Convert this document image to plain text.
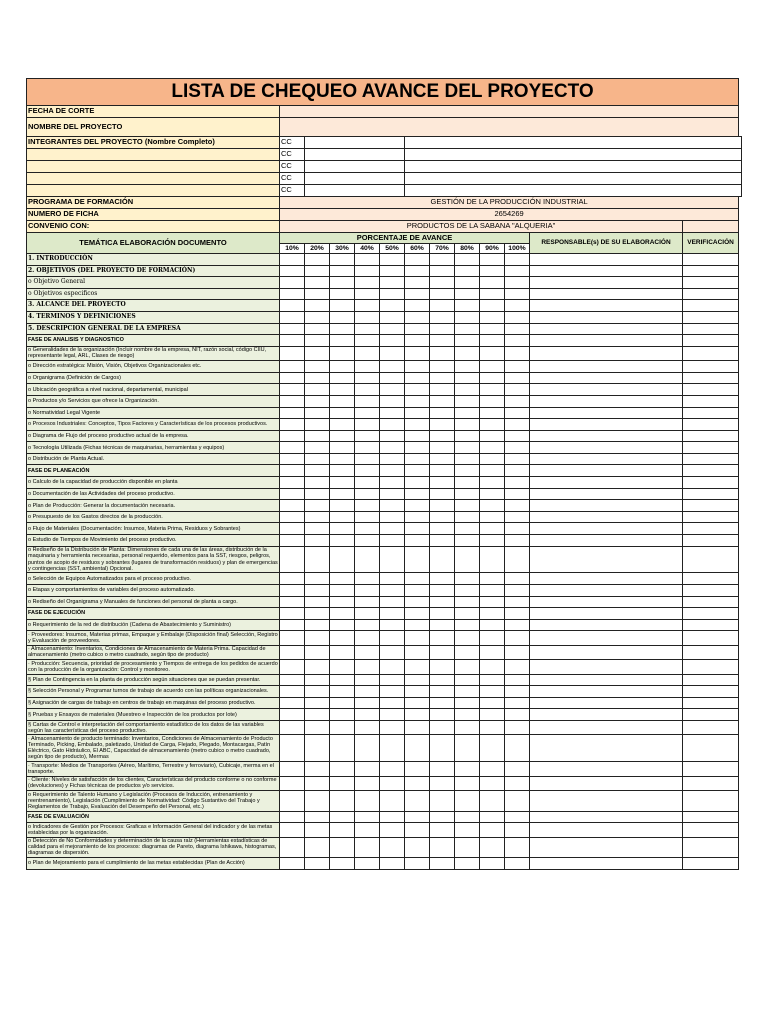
LISTA DE CHEQUEO AVANCE DEL PROYECTO												
FECHA DE CORTE												
NOMBRE DEL PROYECTO												
INTEGRANTES DEL PROYECTO (Nombre Completo)	CC											
	CC											
	CC											
	CC											
	CC											
PROGRAMA DE FORMACIÓN	GESTIÓN DE LA PRODUCCIÓN INDUSTRIAL											
NUMERO DE FICHA	2654269											
CONVENIO CON:	PRODUCTOS DE LA SABANA "ALQUERIA"											
TEMÁTICA ELABORACIÓN DOCUMENTO	PORCENTAJE DE AVANCE										RESPONSABLE(s) DE SU ELABORACIÓN	VERIFICACIÓN
	10%	20%	30%	40%	50%	60%	70%	80%	90%	100%		
1. INTRODUCCIÓN												
2. OBJETIVOS (DEL PROYECTO DE FORMACIÓN)												
o Objetivo General												
o Objetivos especificos												
3. ALCANCE DEL PROYECTO												
4. TERMINOS Y DEFINICIONES												
5. DESCRIPCION GENERAL DE LA EMPRESA												
FASE DE ANALISIS Y DIAGNOSTICO												
o Generalidades de la organización (Incluir nombre de la empresa, NIT, razón social, código CIIU, representante legal, ARL, Clases de riesgo)												
o Dirección estratégica: Misión, Visión, Objetivos Organizacionales etc.												
o Organigrama (Definición de Cargos)												
o Ubicación geográfica a nivel nacional, departamental, municipal												
o Productos y/o Servicios que ofrece la Organización.												
o Normatividad Legal Vigente												
o Procesos Industriales: Conceptos, Tipos Factores y Características de los procesos productivos.												
o Diagrama de Flujo del proceso productivo actual de la empresa.												
o Tecnología Utilizada (Fichas técnicas de maquinarias, herramientas y equipos)												
o Distribución de Planta Actual.												
FASE DE PLANEACIÓN												
o Calculo de la capacidad de producción disponible en planta												
o Documentación de las Actividades del proceso productivo.												
o Plan de Producción: Generar la documentación necesaria.												
o Presupuesto de los Gastos directos de la producción.												
o Flujo de Materiales (Documentación: Insumos, Materia Prima, Residuos y Sobrantes)												
o Estudio de Tiempos de Movimiento del proceso productivo.												
o Rediseño de la Distribución de Planta: Dimensiones de cada una de las áreas, distribución de la maquinaria y herramienta necesarias, personal requerido, elementos para la SST, riesgos, peligros, puntos de acopio de residuos y sobrantes (lugares de transformación residuos) y plan de emergencias y contingencias (SST, ambiental) Opcional.												
o Selección de Equipos Automatizados para el proceso productivo.												
o Etapas y comportamientos de variables del proceso automatizado.												
o Rediseño del Organigrama y Manuales de funciones del personal de planta a cargo.												
FASE DE EJECUCIÓN												
o Requerimiento de la red de distribución (Cadena de Abastecimiento y Suministro)												
· Proveedores: Insumos, Materias primas, Empaque y Embalaje (Disposición final) Selección, Registro y Evaluación de proveedores.												
· Almacenamiento: Inventarios, Condiciones de Almacenamiento de Materia Prima. Capacidad de almacenamiento (metro cubico o metro cuadrado, según tipo de producto)												
· Producción: Secuencia, prioridad de procesamiento y Tiempos de entrega de los pedidos de acuerdo con la producción de la organización: Control y monitoreo.												
§ Plan de Contingencia en la planta de producción según situaciones que se puedan presentar.												
§ Selección Personal y Programar turnos de trabajo de acuerdo con las políticas organizacionales.												
§ Asignación de cargas de trabajo en centros de trabajo en maquinas del proceso productivo.												
§ Pruebas y Ensayos de materiales (Muestreo e Inspección de los productos por lote)												
§ Cartas de Control e interpretación del comportamiento estadístico de los datos de las variables según las características del proceso productivo.												
· Almacenamiento de producto terminado: Inventarios, Condiciones de Almacenamiento de Producto Terminado, Picking, Embalado, paletizado, Unidad de Carga, Flejado, Plegado, Montacargas, Patín Eléctrico, Gato Hidráulico, El ABC, Capacidad de almacenamiento (metro cubico o metro cuadrado, según tipo de producto), Mermas												
· Transporte: Medios de Transportes (Aéreo, Marítimo, Terrestre y ferroviario), Cubicaje, merma en el transporte.												
· Cliente: Niveles de satisfacción de los clientes, Características del producto conforme o no conforme (devoluciones) y Fichas técnicas de productos y/o servicios.												
o Requerimiento de Talento Humano y Legislación (Procesos de Inducción, entrenamiento y reentrenamiento), Legislación (Cumplimiento de Normatividad: Código Sustantivo del Trabajo y Reglamentos de Trabajo, Evaluación del Desempeño del Personal, etc.)												
FASE DE EVALUACIÓN												
o Indicadores de Gestión por Procesos: Graficas e Información General del indicador y de las metas establecidas por la organización.												
o Detección de No Conformidades y determinación de la causa raíz (Herramientas estadísticas de calidad para el mejoramiento de los procesos: diagramas de Pareto, diagrama Ishikawa, histogramas, diagramas de dispersión.												
o Plan de Mejoramiento para el cumplimiento de las metas establecidas (Plan de Acción)												
